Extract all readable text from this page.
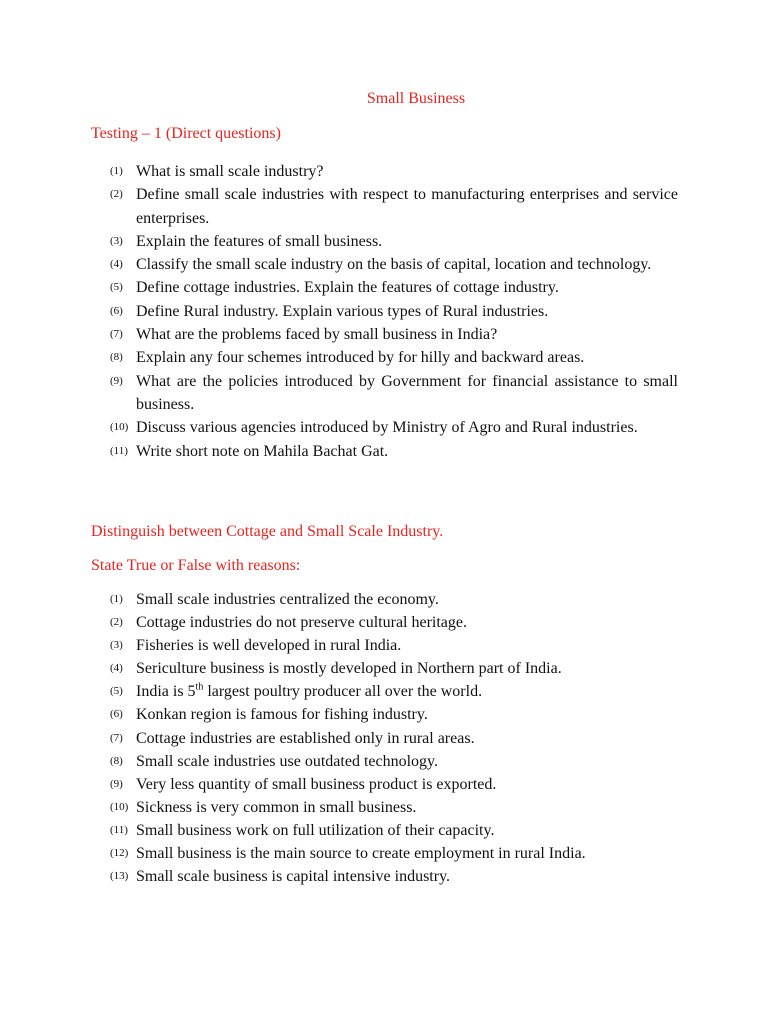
Small Business
Testing – 1 (Direct questions)
(1) What is small scale industry?
(2) Define small scale industries with respect to manufacturing enterprises and service enterprises.
(3) Explain the features of small business.
(4) Classify the small scale industry on the basis of capital, location and technology.
(5) Define cottage industries. Explain the features of cottage industry.
(6) Define Rural industry. Explain various types of Rural industries.
(7) What are the problems faced by small business in India?
(8) Explain any four schemes introduced by for hilly and backward areas.
(9) What are the policies introduced by Government for financial assistance to small business.
(10) Discuss various agencies introduced by Ministry of Agro and Rural industries.
(11) Write short note on Mahila Bachat Gat.
Distinguish between Cottage and Small Scale Industry.
State True or False with reasons:
(1) Small scale industries centralized the economy.
(2) Cottage industries do not preserve cultural heritage.
(3) Fisheries is well developed in rural India.
(4) Sericulture business is mostly developed in Northern part of India.
(5) India is 5th largest poultry producer all over the world.
(6) Konkan region is famous for fishing industry.
(7) Cottage industries are established only in rural areas.
(8) Small scale industries use outdated technology.
(9) Very less quantity of small business product is exported.
(10) Sickness is very common in small business.
(11) Small business work on full utilization of their capacity.
(12) Small business is the main source to create employment in rural India.
(13) Small scale business is capital intensive industry.
